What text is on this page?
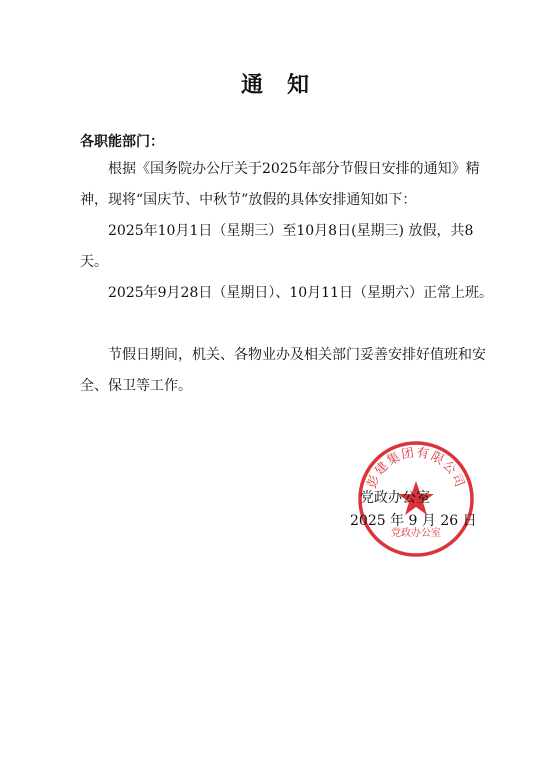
通 知

各职能部门：

根据《国务院办公厅关于2025年部分节假日安排的通知》精神，现将“国庆节、中秋节”放假的具体安排通知如下：

2025年10月1日（星期三）至10月8日(星期三) 放假，共8天。

2025年9月28日（星期日）、10月11日（星期六）正常上班。

节假日期间，机关、各物业办及相关部门妥善安排好值班和安全、保卫等工作。

彭建集团有限公司
党政办公室
党政办公室
2025 年 9 月 26 日
